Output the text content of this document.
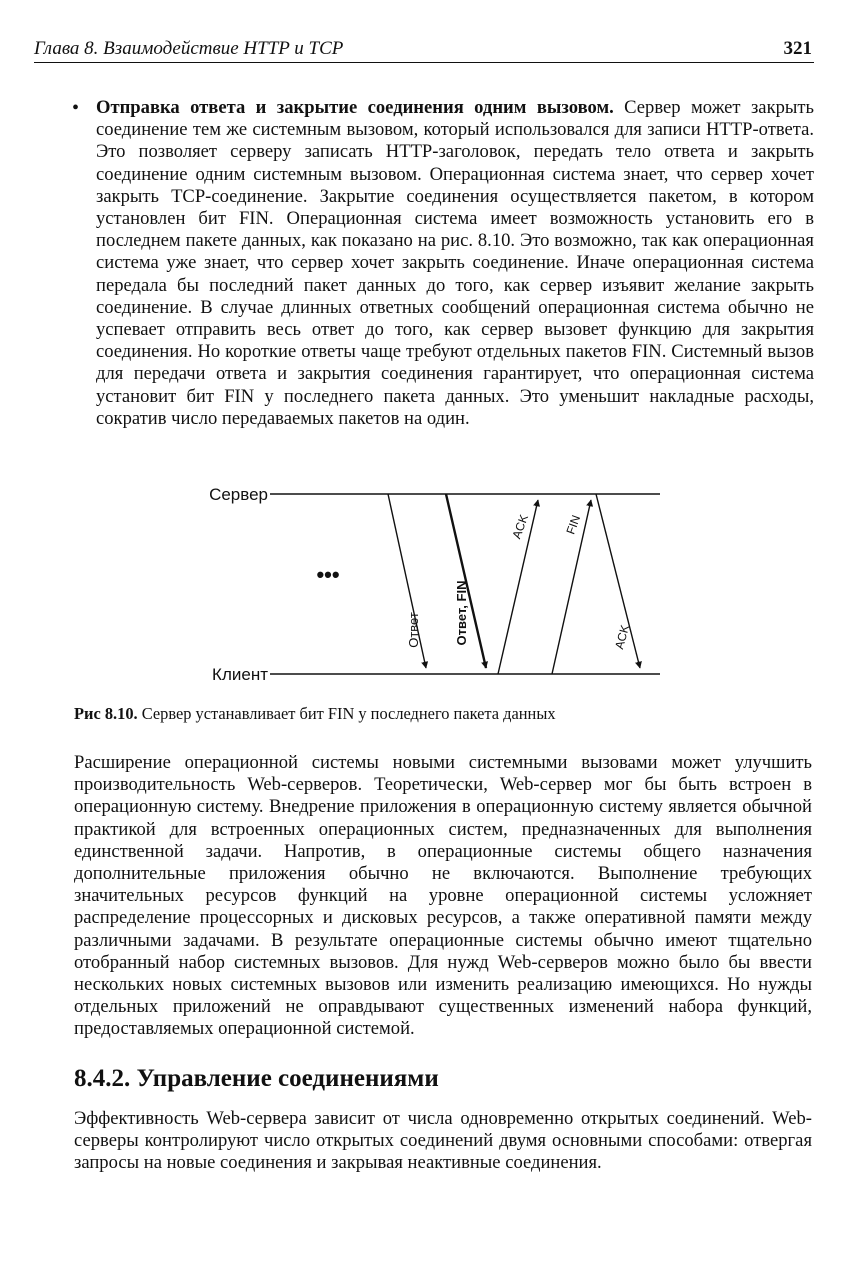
Глава 8. Взаимодействие HTTP и TCP	321
• Отправка ответа и закрытие соединения одним вызовом. Сервер может закрыть соединение тем же системным вызовом, который использовался для записи HTTP-ответа. Это позволяет серверу записать HTTP-заголовок, передать тело ответа и закрыть соединение одним системным вызовом. Операционная система знает, что сервер хочет закрыть TCP-соединение. Закрытие соединения осуществляется пакетом, в котором установлен бит FIN. Операционная система имеет возможность установить его в последнем пакете данных, как показано на рис. 8.10. Это возможно, так как операционная система уже знает, что сервер хочет закрыть соединение. Иначе операционная система передала бы последний пакет данных до того, как сервер изъявит желание закрыть соединение. В случае длинных ответных сообщений операционная система обычно не успевает отправить весь ответ до того, как сервер вызовет функцию для закрытия соединения. Но короткие ответы чаще требуют отдельных пакетов FIN. Системный вызов для передачи ответа и закрытия соединения гарантирует, что операционная система установит бит FIN у последнего пакета данных. Это уменьшит накладные расходы, сократив число передаваемых пакетов на один.
Сервер
Клиент
•••
Ответ	Ответ, FIN
ACK	FIN
ACK
Рис 8.10. Сервер устанавливает бит FIN у последнего пакета данных
Расширение операционной системы новыми системными вызовами может улучшить производительность Web-серверов. Теоретически, Web-сервер мог бы быть встроен в операционную систему. Внедрение приложения в операционную систему является обычной практикой для встроенных операционных систем, предназначенных для выполнения единственной задачи. Напротив, в операционные системы общего назначения дополнительные приложения обычно не включаются. Выполнение требующих значительных ресурсов функций на уровне операционной системы усложняет распределение процессорных и дисковых ресурсов, а также оперативной памяти между различными задачами. В результате операционные системы обычно имеют тщательно отобранный набор системных вызовов. Для нужд Web-серверов можно было бы ввести нескольких новых системных вызовов или изменить реализацию имеющихся. Но нужды отдельных приложений не оправдывают существенных изменений набора функций, предоставляемых операционной системой.
8.4.2. Управление соединениями
Эффективность Web-сервера зависит от числа одновременно открытых соединений. Web-серверы контролируют число открытых соединений двумя основными способами: отвергая запросы на новые соединения и закрывая неактивные соединения.
